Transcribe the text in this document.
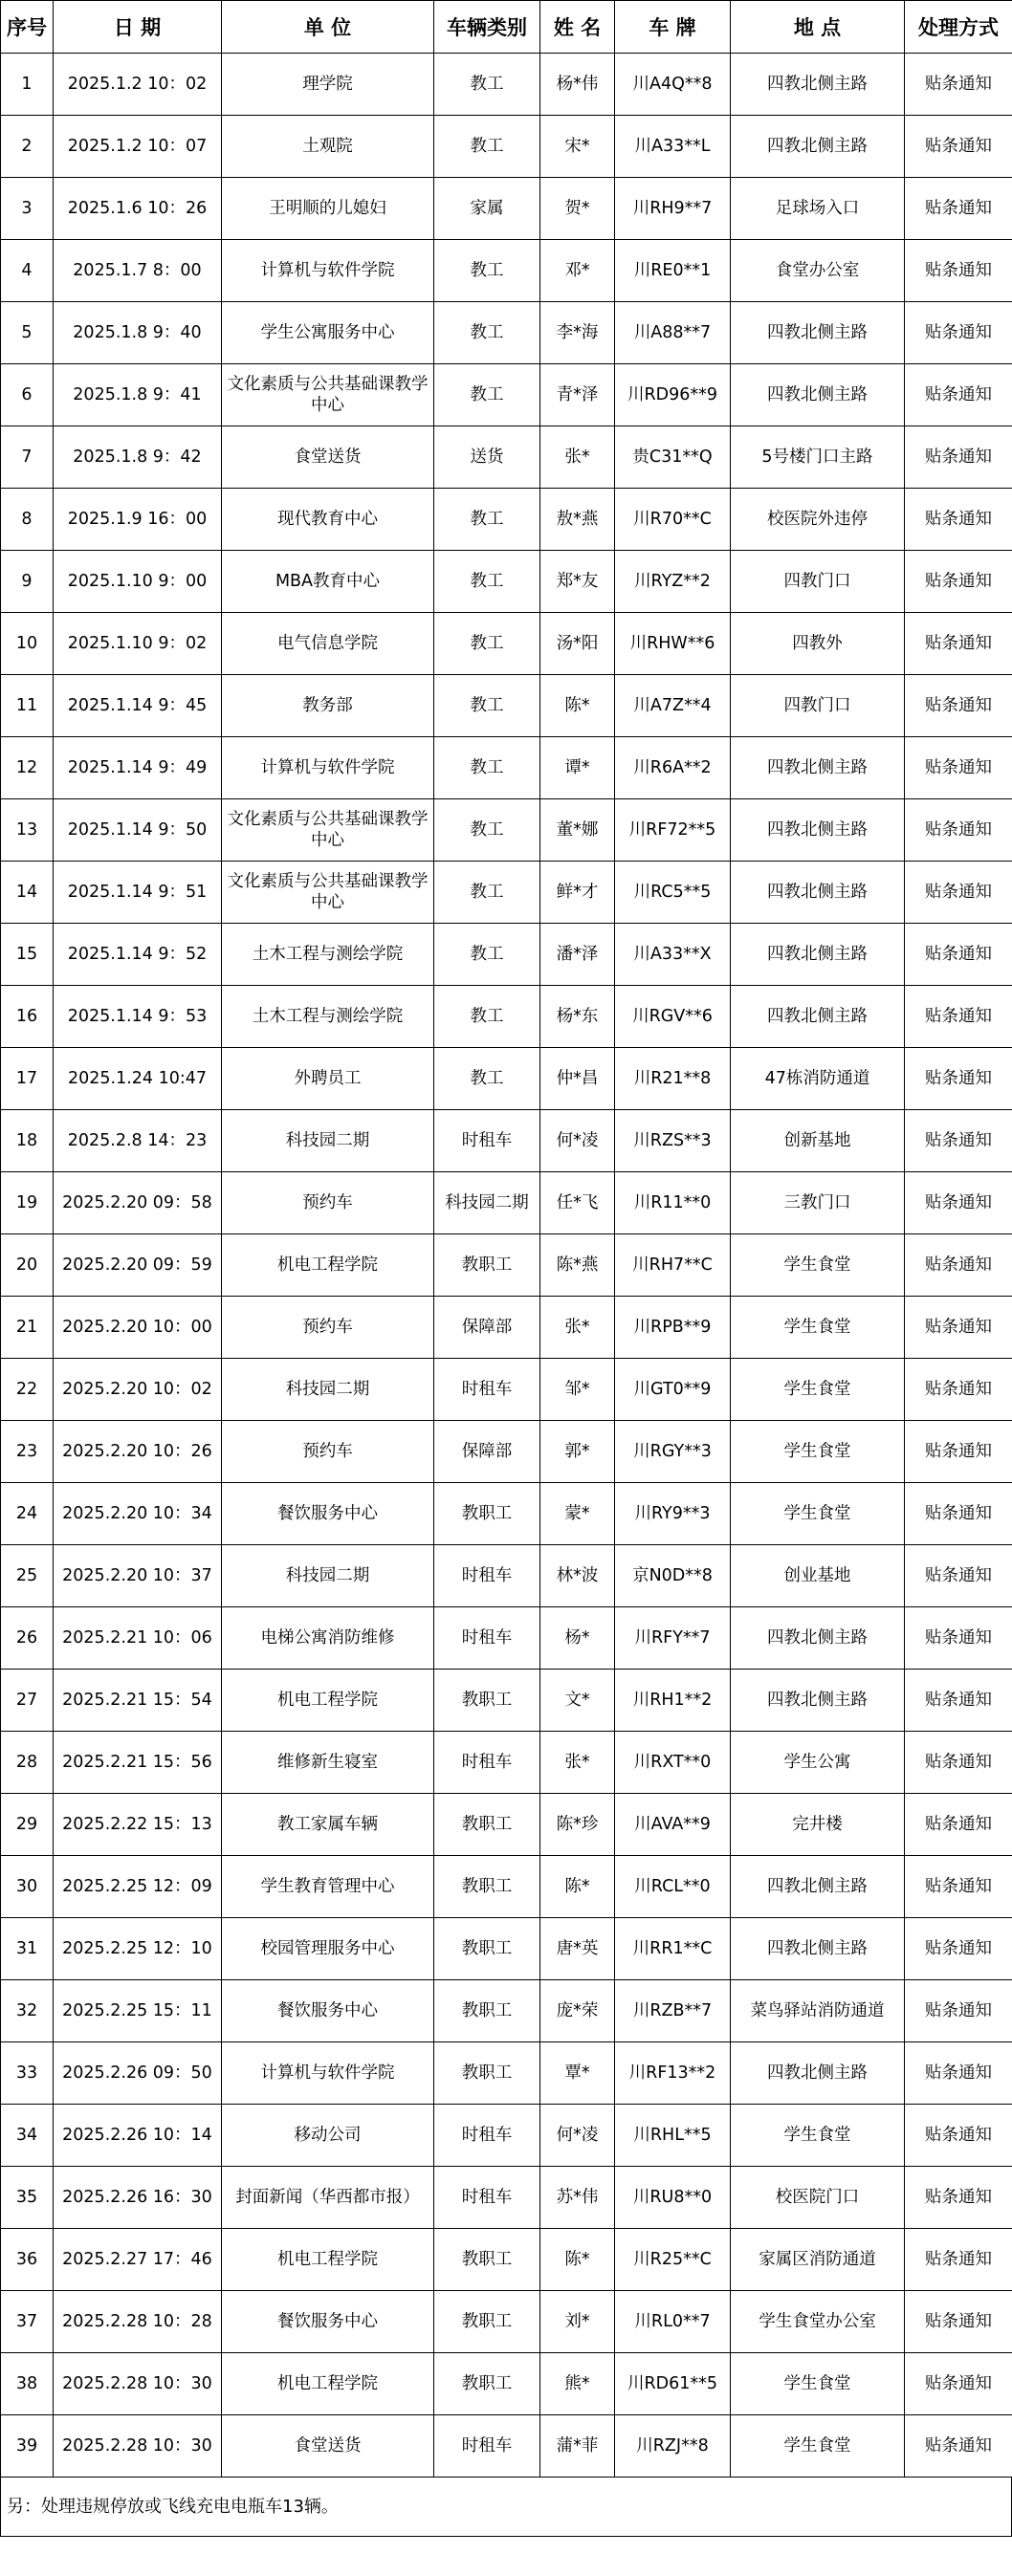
序号	日 期	单 位	车辆类别	姓 名	车 牌	地 点	处理方式
1	2025.1.2 10：02	理学院	教工	杨*伟	川A4Q**8	四教北侧主路	贴条通知
2	2025.1.2 10：07	土观院	教工	宋*	川A33**L	四教北侧主路	贴条通知
3	2025.1.6 10：26	王明顺的儿媳妇	家属	贺*	川RH9**7	足球场入口	贴条通知
4	2025.1.7 8：00	计算机与软件学院	教工	邓*	川RE0**1	食堂办公室	贴条通知
5	2025.1.8 9：40	学生公寓服务中心	教工	李*海	川A88**7	四教北侧主路	贴条通知
6	2025.1.8 9：41	文化素质与公共基础课教学中心	教工	青*泽	川RD96**9	四教北侧主路	贴条通知
7	2025.1.8 9：42	食堂送货	送货	张*	贵C31**Q	5号楼门口主路	贴条通知
8	2025.1.9 16：00	现代教育中心	教工	敖*燕	川R70**C	校医院外违停	贴条通知
9	2025.1.10 9：00	MBA教育中心	教工	郑*友	川RYZ**2	四教门口	贴条通知
10	2025.1.10 9：02	电气信息学院	教工	汤*阳	川RHW**6	四教外	贴条通知
11	2025.1.14 9：45	教务部	教工	陈*	川A7Z**4	四教门口	贴条通知
12	2025.1.14 9：49	计算机与软件学院	教工	谭*	川R6A**2	四教北侧主路	贴条通知
13	2025.1.14 9：50	文化素质与公共基础课教学中心	教工	董*娜	川RF72**5	四教北侧主路	贴条通知
14	2025.1.14 9：51	文化素质与公共基础课教学中心	教工	鲜*才	川RC5**5	四教北侧主路	贴条通知
15	2025.1.14 9：52	土木工程与测绘学院	教工	潘*泽	川A33**X	四教北侧主路	贴条通知
16	2025.1.14 9：53	土木工程与测绘学院	教工	杨*东	川RGV**6	四教北侧主路	贴条通知
17	2025.1.24 10:47	外聘员工	教工	仲*昌	川R21**8	47栋消防通道	贴条通知
18	2025.2.8 14：23	科技园二期	时租车	何*凌	川RZS**3	创新基地	贴条通知
19	2025.2.20 09：58	预约车	科技园二期	任*飞	川R11**0	三教门口	贴条通知
20	2025.2.20 09：59	机电工程学院	教职工	陈*燕	川RH7**C	学生食堂	贴条通知
21	2025.2.20 10：00	预约车	保障部	张*	川RPB**9	学生食堂	贴条通知
22	2025.2.20 10：02	科技园二期	时租车	邹*	川GT0**9	学生食堂	贴条通知
23	2025.2.20 10：26	预约车	保障部	郭*	川RGY**3	学生食堂	贴条通知
24	2025.2.20 10：34	餐饮服务中心	教职工	蒙*	川RY9**3	学生食堂	贴条通知
25	2025.2.20 10：37	科技园二期	时租车	林*波	京N0D**8	创业基地	贴条通知
26	2025.2.21 10：06	电梯公寓消防维修	时租车	杨*	川RFY**7	四教北侧主路	贴条通知
27	2025.2.21 15：54	机电工程学院	教职工	文*	川RH1**2	四教北侧主路	贴条通知
28	2025.2.21 15：56	维修新生寝室	时租车	张*	川RXT**0	学生公寓	贴条通知
29	2025.2.22 15：13	教工家属车辆	教职工	陈*珍	川AVA**9	完井楼	贴条通知
30	2025.2.25 12：09	学生教育管理中心	教职工	陈*	川RCL**0	四教北侧主路	贴条通知
31	2025.2.25 12：10	校园管理服务中心	教职工	唐*英	川RR1**C	四教北侧主路	贴条通知
32	2025.2.25 15：11	餐饮服务中心	教职工	庞*荣	川RZB**7	菜鸟驿站消防通道	贴条通知
33	2025.2.26 09：50	计算机与软件学院	教职工	覃*	川RF13**2	四教北侧主路	贴条通知
34	2025.2.26 10：14	移动公司	时租车	何*凌	川RHL**5	学生食堂	贴条通知
35	2025.2.26 16：30	封面新闻（华西都市报）	时租车	苏*伟	川RU8**0	校医院门口	贴条通知
36	2025.2.27 17：46	机电工程学院	教职工	陈*	川R25**C	家属区消防通道	贴条通知
37	2025.2.28 10：28	餐饮服务中心	教职工	刘*	川RL0**7	学生食堂办公室	贴条通知
38	2025.2.28 10：30	机电工程学院	教职工	熊*	川RD61**5	学生食堂	贴条通知
39	2025.2.28 10：30	食堂送货	时租车	蒲*菲	川RZJ**8	学生食堂	贴条通知
另：处理违规停放或飞线充电电瓶车13辆。
